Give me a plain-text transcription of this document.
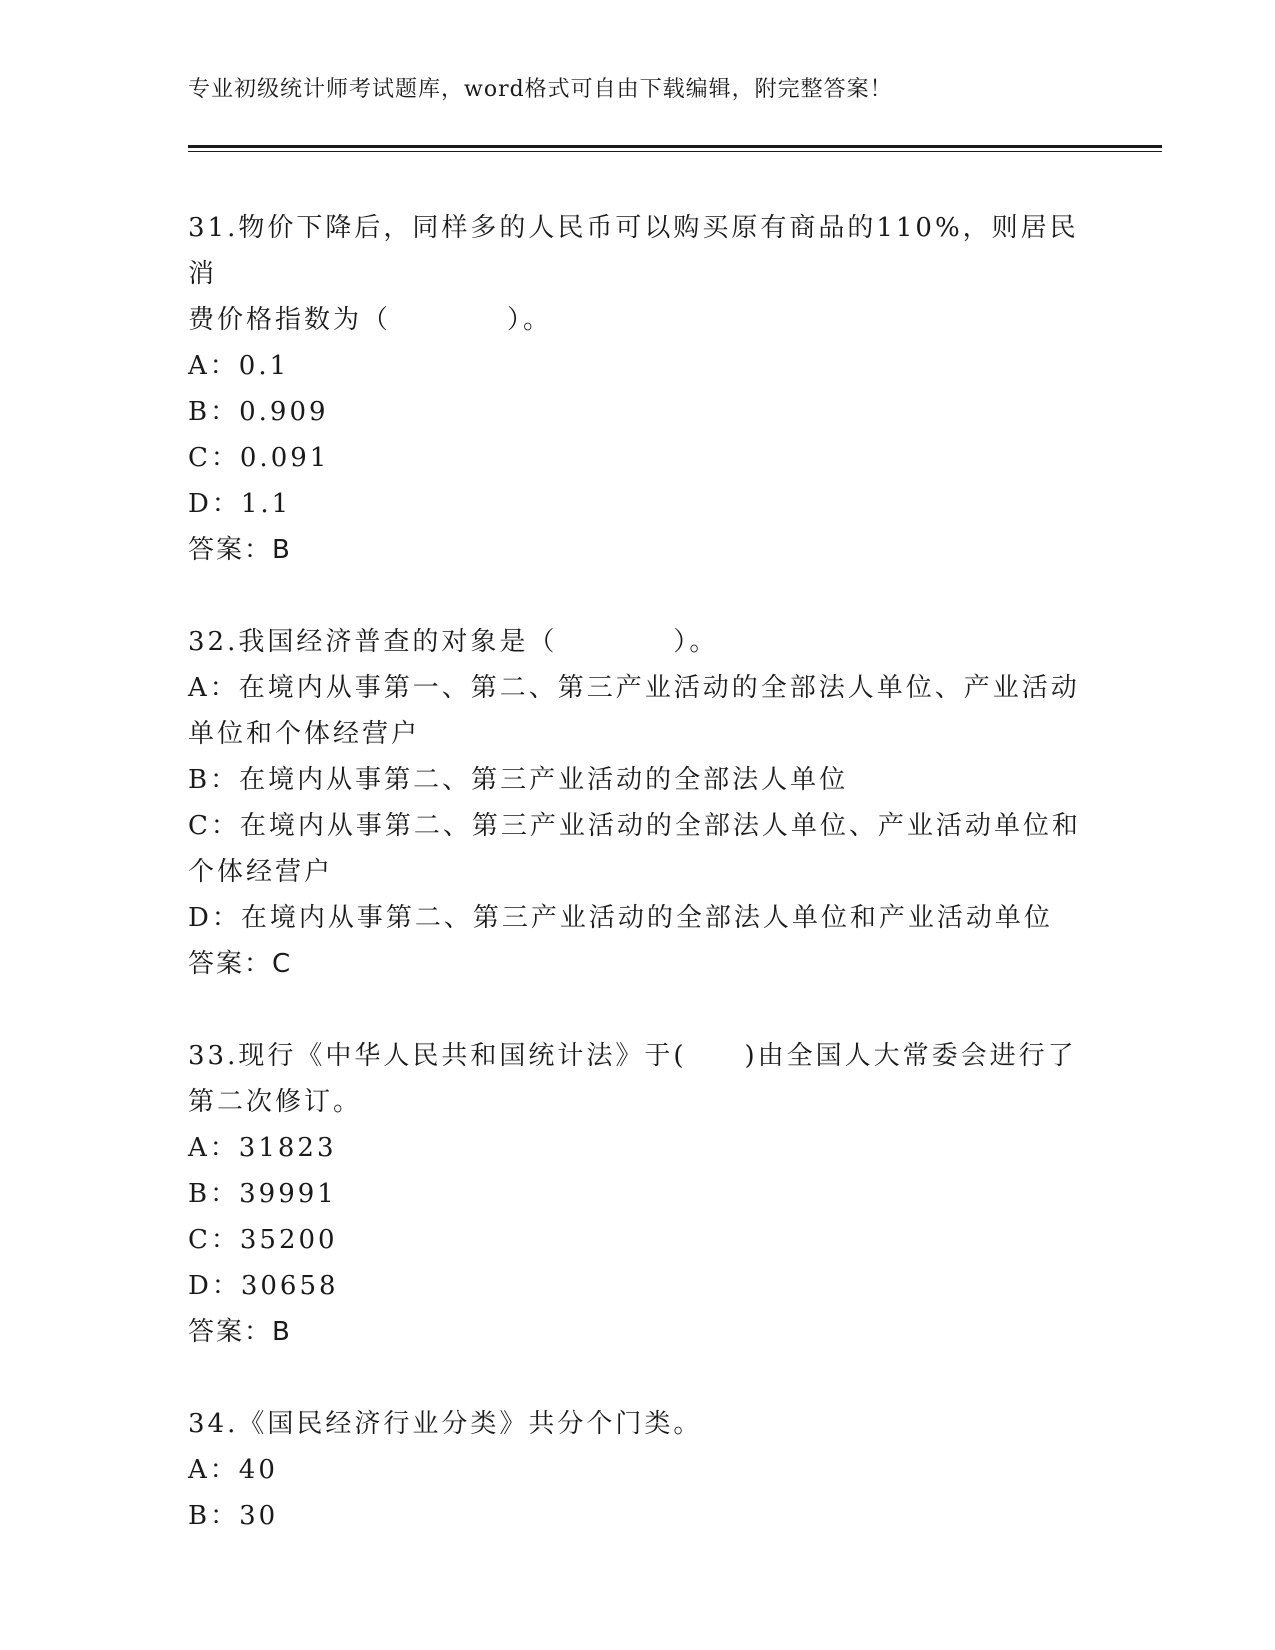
专业初级统计师考试题库，word格式可自由下载编辑，附完整答案！
31.物价下降后，同样多的人民币可以购买原有商品的110%，则居民消
费价格指数为（　　　　）。
A：0.1
B：0.909
C：0.091
D：1.1
答案：B
32.我国经济普查的对象是（　　　　）。
A：在境内从事第一、第二、第三产业活动的全部法人单位、产业活动
单位和个体经营户
B：在境内从事第二、第三产业活动的全部法人单位
C：在境内从事第二、第三产业活动的全部法人单位、产业活动单位和
个体经营户
D：在境内从事第二、第三产业活动的全部法人单位和产业活动单位
答案：C
33.现行《中华人民共和国统计法》于(　　)由全国人大常委会进行了
第二次修订。
A：31823
B：39991
C：35200
D：30658
答案：B
34.《国民经济行业分类》共分个门类。
A：40
B：30
